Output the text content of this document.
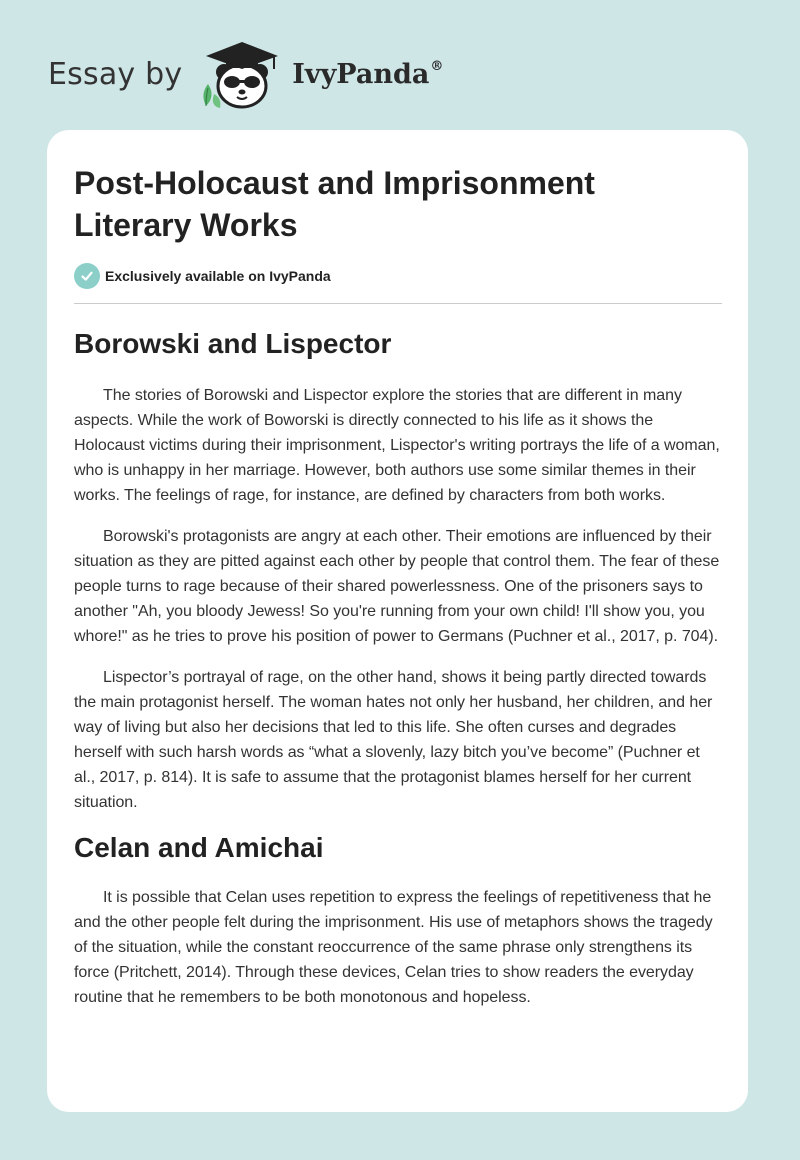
Essay by	IvyPanda ®
Post-Holocaust and Imprisonment Literary Works
Exclusively available on IvyPanda
Borowski and Lispector

The stories of Borowski and Lispector explore the stories that are different in many aspects. While the work of Boworski is directly connected to his life as it shows the Holocaust victims during their imprisonment, Lispector's writing portrays the life of a woman, who is unhappy in her marriage. However, both authors use some similar themes in their works. The feelings of rage, for instance, are defined by characters from both works.

Borowski's protagonists are angry at each other. Their emotions are influenced by their situation as they are pitted against each other by people that control them. The fear of these people turns to rage because of their shared powerlessness. One of the prisoners says to another "Ah, you bloody Jewess! So you're running from your own child! I'll show you, you whore!" as he tries to prove his position of power to Germans (Puchner et al., 2017, p. 704).

Lispector’s portrayal of rage, on the other hand, shows it being partly directed towards the main protagonist herself. The woman hates not only her husband, her children, and her way of living but also her decisions that led to this life. She often curses and degrades herself with such harsh words as “what a slovenly, lazy bitch you’ve become” (Puchner et al., 2017, p. 814). It is safe to assume that the protagonist blames herself for her current situation.

Celan and Amichai

It is possible that Celan uses repetition to express the feelings of repetitiveness that he and the other people felt during the imprisonment. His use of metaphors shows the tragedy of the situation, while the constant reoccurrence of the same phrase only strengthens its force (Pritchett, 2014). Through these devices, Celan tries to show readers the everyday routine that he remembers to be both monotonous and hopeless.
